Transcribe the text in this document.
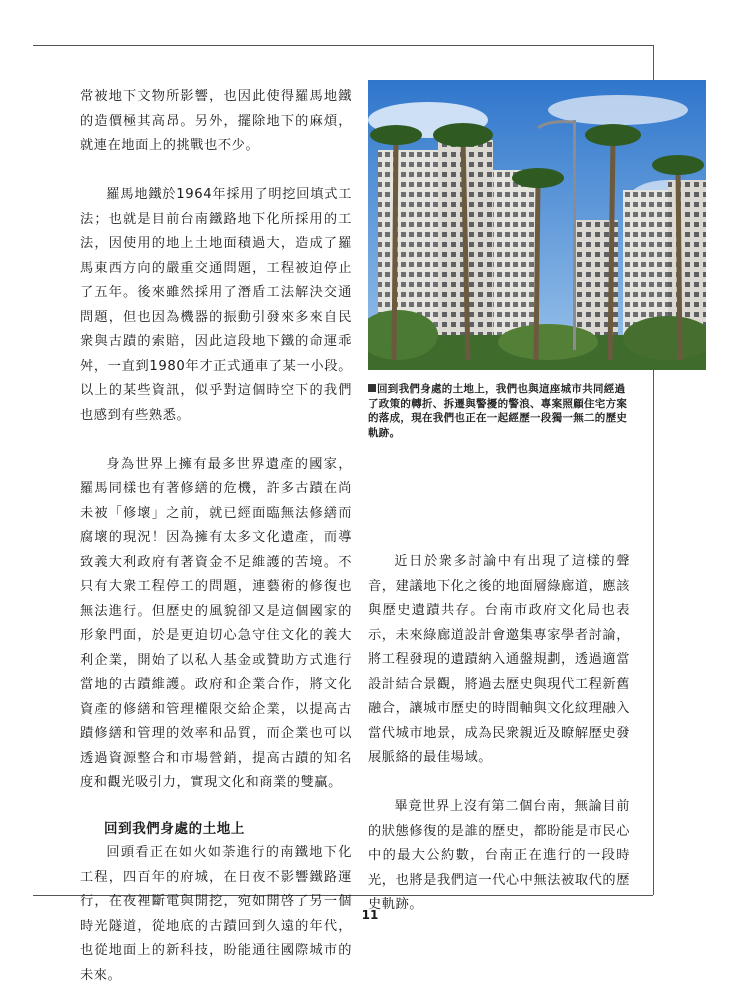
常被地下文物所影響，也因此使得羅馬地鐵的造價極其高昂。另外，擺除地下的麻煩，就連在地面上的挑戰也不少。

羅馬地鐵於1964年採用了明挖回填式工法；也就是目前台南鐵路地下化所採用的工法，因使用的地上土地面積過大，造成了羅馬東西方向的嚴重交通問題，工程被迫停止了五年。後來雖然採用了潛盾工法解決交通問題，但也因為機器的振動引發來多來自民衆與古蹟的索賠，因此這段地下鐵的命運乖舛，一直到1980年才正式通車了某一小段。以上的某些資訊，似乎對這個時空下的我們也感到有些熟悉。

身為世界上擁有最多世界遺產的國家，羅馬同樣也有著修繕的危機，許多古蹟在尚未被「修壞」之前，就已經面臨無法修繕而腐壞的現況！因為擁有太多文化遺產，而導致義大利政府有著資金不足維護的苦境。不只有大衆工程停工的問題，連藝術的修復也無法進行。但歷史的風貌卻又是這個國家的形象門面，於是更迫切心急守住文化的義大利企業，開始了以私人基金或贊助方式進行當地的古蹟維護。政府和企業合作，將文化資產的修繕和管理權限交給企業，以提高古蹟修繕和管理的效率和品質，而企業也可以透過資源整合和市場營銷，提高古蹟的知名度和觀光吸引力，實現文化和商業的雙贏。

回到我們身處的土地上

回頭看正在如火如荼進行的南鐵地下化工程，四百年的府城，在日夜不影響鐵路運行，在夜裡斷電與開挖，宛如開啓了另一個時光隧道，從地底的古蹟回到久遠的年代，也從地面上的新科技，盼能通往國際城市的未來。

回到我們身處的土地上，我們也與這座城市共同經過了政策的轉折、拆遷與警擾的警浪、專案照顧住宅方案的落成，現在我們也正在一起經歷一段獨一無二的歷史軌跡。

近日於衆多討論中有出現了這樣的聲音，建議地下化之後的地面層綠廊道，應該與歷史遺蹟共存。台南市政府文化局也表示，未來綠廊道設計會邀集專家學者討論，將工程發現的遺蹟納入通盤規劃，透過適當設計結合景觀，將過去歷史與現代工程新舊融合，讓城市歷史的時間軸與文化紋理融入當代城市地景，成為民衆親近及瞭解歷史發展脈絡的最佳場域。

畢竟世界上沒有第二個台南，無論目前的狀態修復的是誰的歷史，都盼能是市民心中的最大公約數，台南正在進行的一段時光，也將是我們這一代心中無法被取代的歷史軌跡。

11
